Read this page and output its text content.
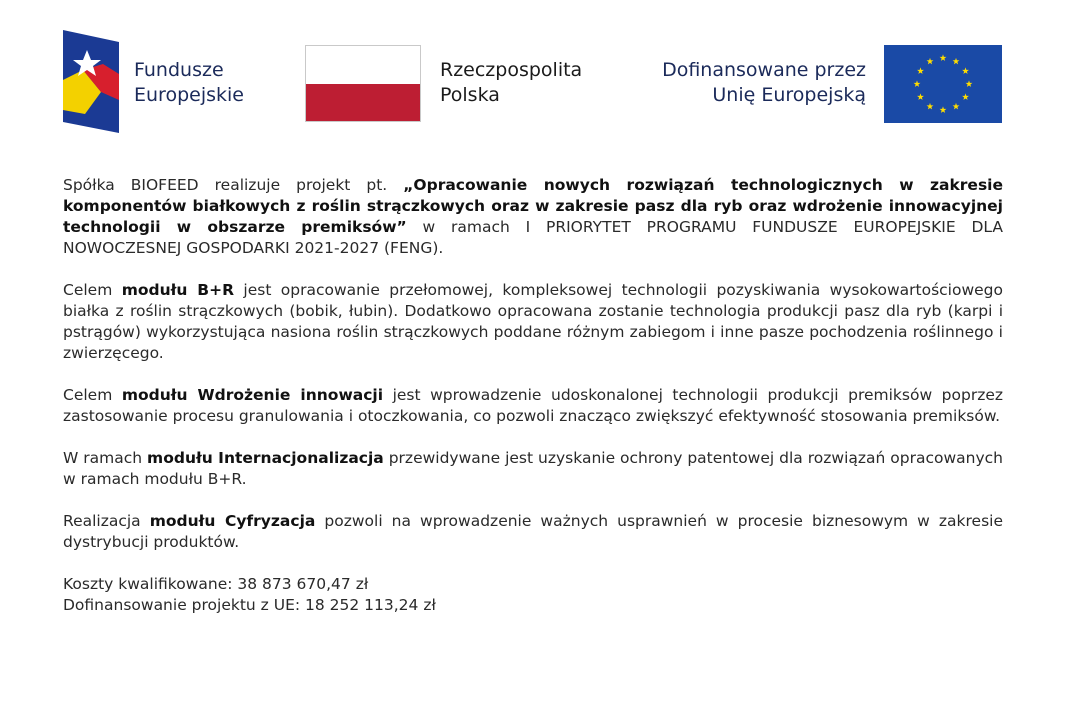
Fundusze
Europejskie
Rzeczpospolita
Polska
Dofinansowane przez
Unię Europejską

Spółka BIOFEED realizuje projekt pt. „Opracowanie nowych rozwiązań technologicznych w zakresie komponentów białkowych z roślin strączkowych oraz w zakresie pasz dla ryb oraz wdrożenie innowacyjnej technologii w obszarze premiksów” w ramach I PRIORYTET PROGRAMU FUNDUSZE EUROPEJSKIE DLA NOWOCZESNEJ GOSPODARKI 2021-2027 (FENG).

Celem modułu B+R jest opracowanie przełomowej, kompleksowej technologii pozyskiwania wysokowartościowego białka z roślin strączkowych (bobik, łubin). Dodatkowo opracowana zostanie technologia produkcji pasz dla ryb (karpi i pstrągów) wykorzystująca nasiona roślin strączkowych poddane różnym zabiegom i inne pasze pochodzenia roślinnego i zwierzęcego.

Celem modułu Wdrożenie innowacji jest wprowadzenie udoskonalonej technologii produkcji premiksów poprzez zastosowanie procesu granulowania i otoczkowania, co pozwoli znacząco zwiększyć efektywność stosowania premiksów.

W ramach modułu Internacjonalizacja przewidywane jest uzyskanie ochrony patentowej dla rozwiązań opracowanych w ramach modułu B+R.

Realizacja modułu Cyfryzacja pozwoli na wprowadzenie ważnych usprawnień w procesie biznesowym w zakresie dystrybucji produktów.

Koszty kwalifikowane: 38 873 670,47 zł
Dofinansowanie projektu z UE: 18 252 113,24 zł
